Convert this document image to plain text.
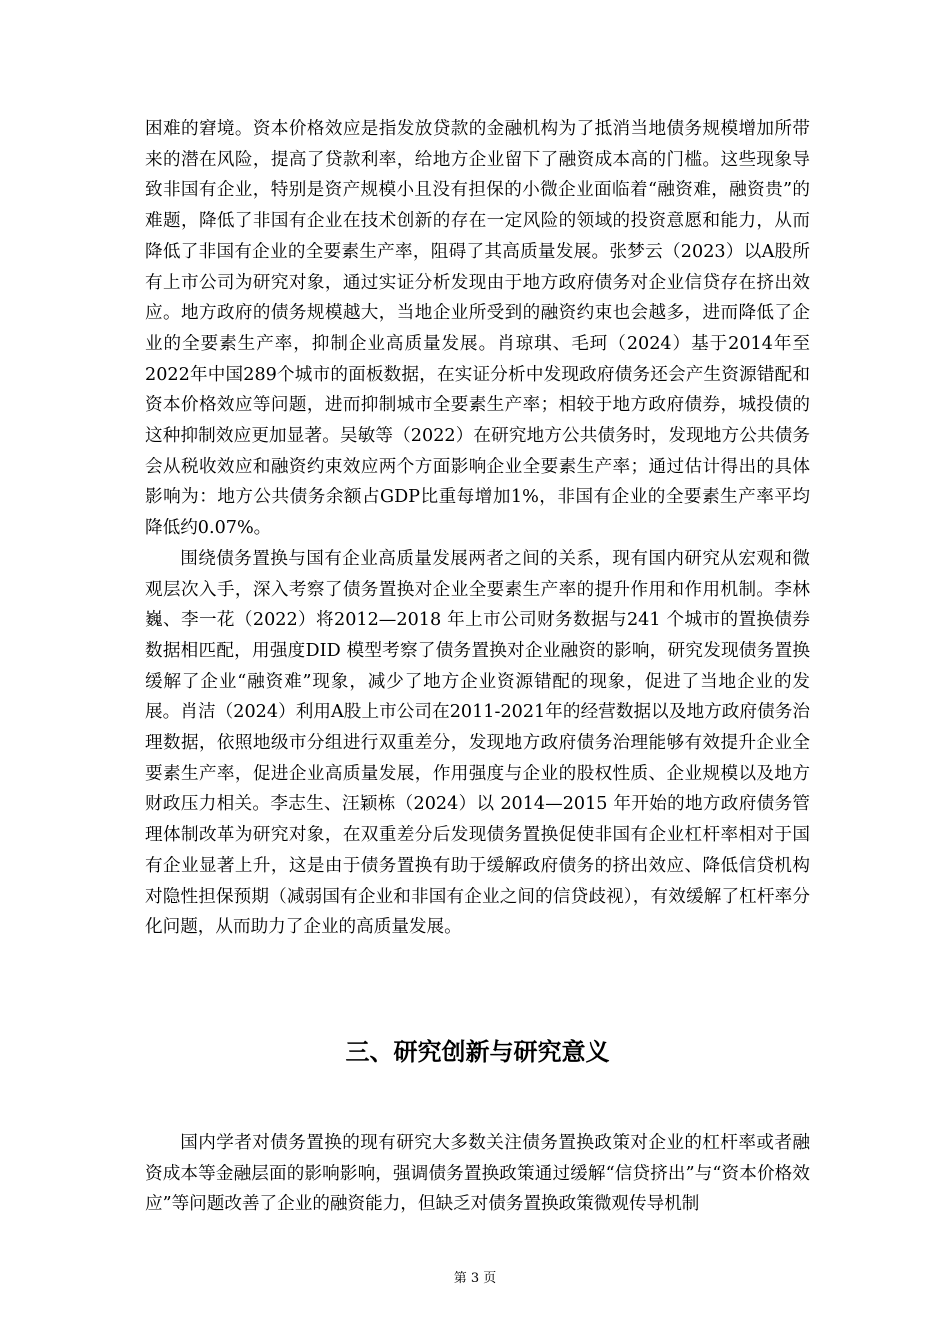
困难的窘境。资本价格效应是指发放贷款的金融机构为了抵消当地债务规模增加所带来的潜在风险，提高了贷款利率，给地方企业留下了融资成本高的门槛。这些现象导致非国有企业，特别是资产规模小且没有担保的小微企业面临着“融资难，融资贵”的难题，降低了非国有企业在技术创新的存在一定风险的领域的投资意愿和能力，从而降低了非国有企业的全要素生产率，阻碍了其高质量发展。张梦云（2023）以A股所有上市公司为研究对象，通过实证分析发现由于地方政府债务对企业信贷存在挤出效应。地方政府的债务规模越大，当地企业所受到的融资约束也会越多，进而降低了企业的全要素生产率，抑制企业高质量发展。肖琼琪、毛珂（2024）基于2014年至2022年中国289个城市的面板数据，在实证分析中发现政府债务还会产生资源错配和资本价格效应等问题，进而抑制城市全要素生产率；相较于地方政府债券，城投债的这种抑制效应更加显著。吴敏等（2022）在研究地方公共债务时，发现地方公共债务会从税收效应和融资约束效应两个方面影响企业全要素生产率；通过估计得出的具体影响为：地方公共债务余额占GDP比重每增加1%，非国有企业的全要素生产率平均降低约0.07%。

围绕债务置换与国有企业高质量发展两者之间的关系，现有国内研究从宏观和微观层次入手，深入考察了债务置换对企业全要素生产率的提升作用和作用机制。李林巍、李一花（2022）将2012—2018 年上市公司财务数据与241 个城市的置换债券数据相匹配，用强度DID 模型考察了债务置换对企业融资的影响，研究发现债务置换缓解了企业“融资难”现象，减少了地方企业资源错配的现象，促进了当地企业的发展。肖洁（2024）利用A股上市公司在2011-2021年的经营数据以及地方政府债务治理数据，依照地级市分组进行双重差分，发现地方政府债务治理能够有效提升企业全要素生产率，促进企业高质量发展，作用强度与企业的股权性质、企业规模以及地方财政压力相关。李志生、汪颖栋（2024）以 2014—2015 年开始的地方政府债务管理体制改革为研究对象，在双重差分后发现债务置换促使非国有企业杠杆率相对于国有企业显著上升，这是由于债务置换有助于缓解政府债务的挤出效应、降低信贷机构对隐性担保预期（减弱国有企业和非国有企业之间的信贷歧视），有效缓解了杠杆率分化问题，从而助力了企业的高质量发展。

三、研究创新与研究意义

国内学者对债务置换的现有研究大多数关注债务置换政策对企业的杠杆率或者融资成本等金融层面的影响影响，强调债务置换政策通过缓解“信贷挤出”与“资本价格效应”等问题改善了企业的融资能力，但缺乏对债务置换政策微观传导机制

第 3 页
